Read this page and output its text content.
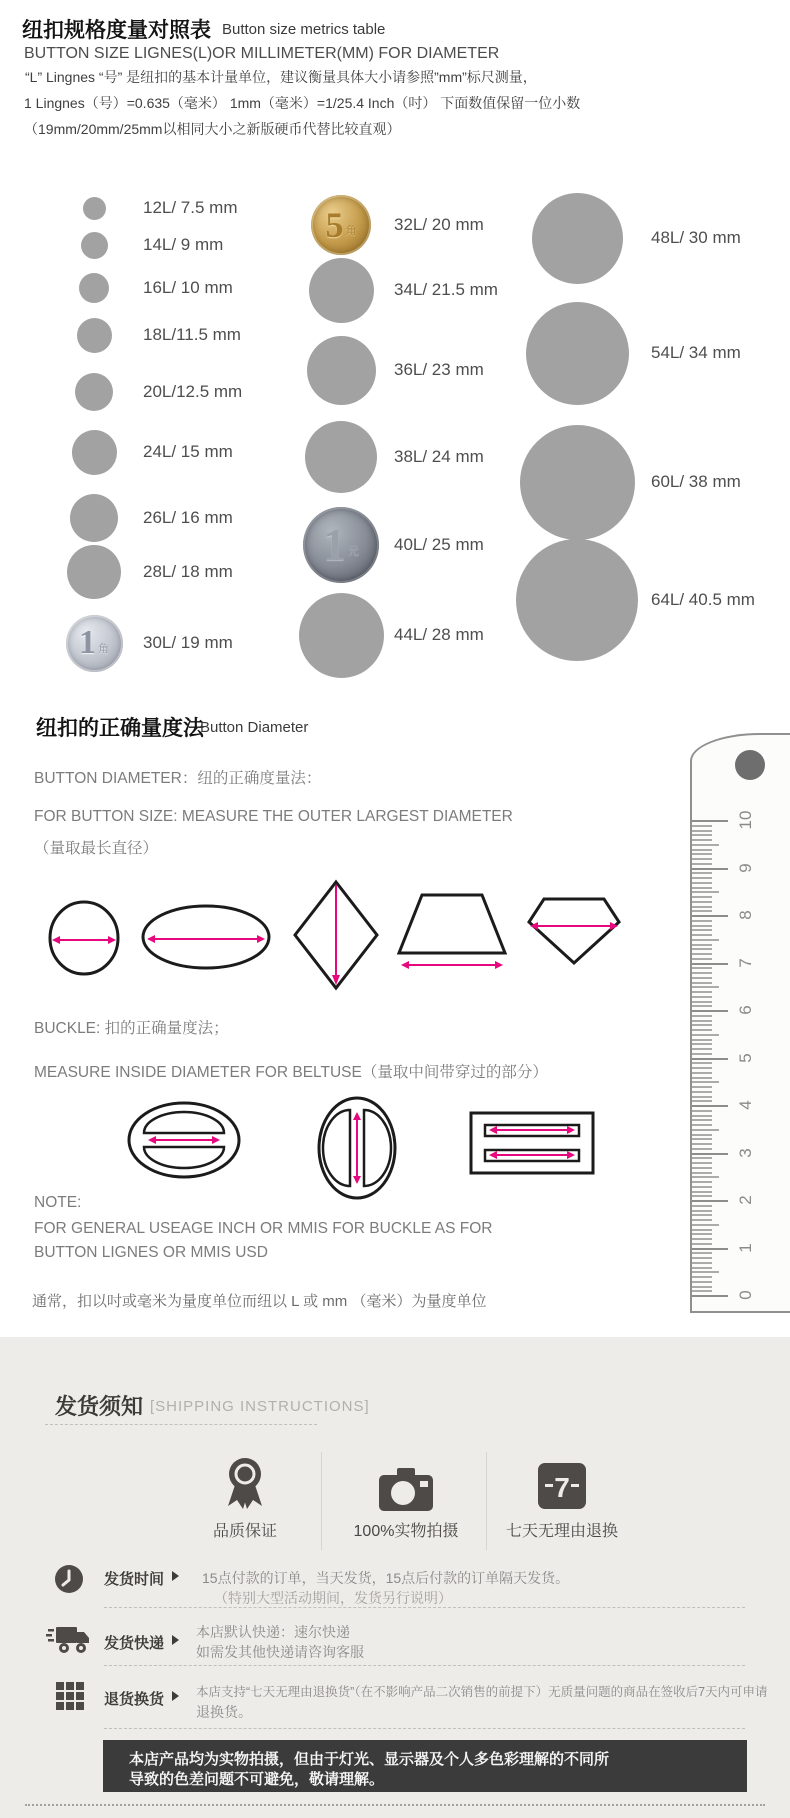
纽扣规格度量对照表 Button size metrics table
BUTTON SIZE LIGNES(L)OR MILLIMETER(MM) FOR DIAMETER
“L” Lingnes “号” 是纽扣的基本计量单位，建议衡量具体大小请参照”mm”标尺测量，
1 Lingnes（号）=0.635（毫米） 1mm（毫米）=1/25.4 Inch（吋） 下面数值保留一位小数
（19mm/20mm/25mm以相同大小之新版硬币代替比较直观）
12L/ 7.5 mm
14L/ 9 mm
16L/ 10 mm
18L/11.5 mm
20L/12.5 mm
24L/ 15 mm
26L/ 16 mm
28L/ 18 mm
1 角 30L/ 19 mm
5 角 32L/ 20 mm
34L/ 21.5 mm
36L/ 23 mm
38L/ 24 mm
1 元 40L/ 25 mm
44L/ 28 mm
48L/ 30 mm
54L/ 34 mm
60L/ 38 mm
64L/ 40.5 mm
纽扣的正确量度法
Button Diameter
BUTTON DIAMETER：纽的正确度量法：
FOR BUTTON SIZE: MEASURE THE OUTER LARGEST DIAMETER
（量取最长直径）
BUCKLE: 扣的正确量度法；
MEASURE INSIDE DIAMETER FOR BELTUSE（量取中间带穿过的部分）
NOTE:
FOR GENERAL USEAGE INCH OR MMIS FOR BUCKLE AS FOR
BUTTON LIGNES OR MMIS USD
通常，扣以吋或毫米为量度单位而纽以 L 或 mm （毫米）为量度单位
10
9
8
7
6
5
4
3
2
1
0
发货须知 [SHIPPING INSTRUCTIONS]
品质保证	100%实物拍摄
7
七天无理由退换
发货时间	15点付款的订单，当天发货，15点后付款的订单隔天发货。
（特别大型活动期间，发货另行说明）
发货快递
本店默认快递：速尔快递
如需发其他快递请咨询客服
退货换货	本店支持“七天无理由退换货”（在不影响产品二次销售的前提下）无质量问题的商品在签收后7天内可申请
退换货。
本店产品均为实物拍摄，但由于灯光、显示器及个人多色彩理解的不同所
导致的色差问题不可避免，敬请理解。
